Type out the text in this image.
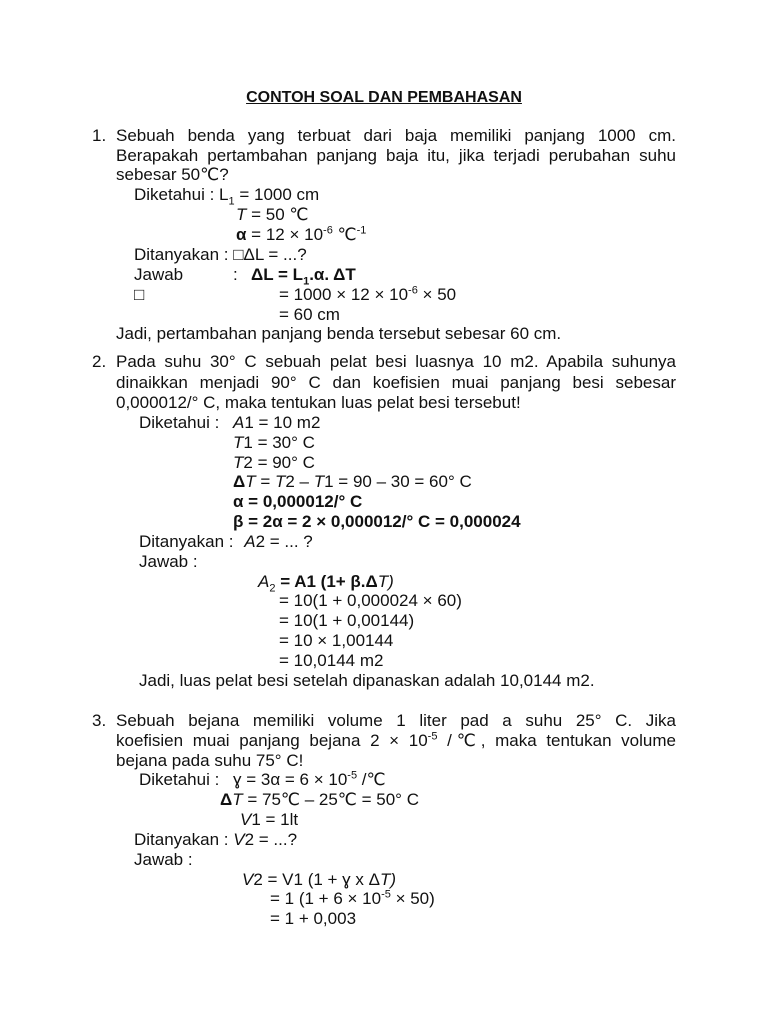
CONTOH SOAL DAN PEMBAHASAN
1. Sebuah benda yang terbuat dari baja memiliki panjang 1000 cm.
Berapakah pertambahan panjang baja itu, jika terjadi perubahan suhu
sebesar 50℃?
Diketahui : $L_1 = 1000$ cm
T = 50 ℃
$\alpha = 12 \times 10^{-6}$ ℃$^{-1}$
Ditanyakan : □ΔL = ...?
Jawab	: $\Delta L = L_1.\alpha$. ΔT
□	= $1000 \times 12 \times 10^{-6} \times 50$
= 60 cm
Jadi, pertambahan panjang benda tersebut sebesar 60 cm.
2. Pada suhu 30° C sebuah pelat besi luasnya 10 m2. Apabila suhunya
dinaikkan menjadi 90° C dan koefisien muai panjang besi sebesar
0,000012/° C, maka tentukan luas pelat besi tersebut!
Diketahui : A1 = 10 m2
T1 = 30° C
T2 = 90° C
ΔT = T2 – T1 = 90 – 30 = 60° C
α = 0,000012/° C
β = 2α = 2 × 0,000012/° C = 0,000024
Ditanyakan : A2 = ... ?
Jawab :
$A_2 = A1$ (1+ β.ΔT)
= 10(1 + 0,000024 × 60)
= 10(1 + 0,00144)
= 10 × 1,00144
= 10,0144 m2
Jadi, luas pelat besi setelah dipanaskan adalah 10,0144 m2.
3. Sebuah bejana memiliki volume 1 liter pad a suhu 25° C. Jika
koefisien muai panjang bejana $2 \times 10^{-5}$ /℃, maka tentukan volume
bejana pada suhu 75° C!
Diketahui : ɣ = $3\alpha = 6 \times 10^{-5}$ /℃
ΔT = 75℃ – 25℃ = 50° C
V1 = 1lt
Ditanyakan : V2 = ...?
Jawab :
V2 = V1 (1 + ɣ x ΔT)
= 1 $(1 + 6 \times 10^{-5} \times 50)$
= 1 + 0,003
